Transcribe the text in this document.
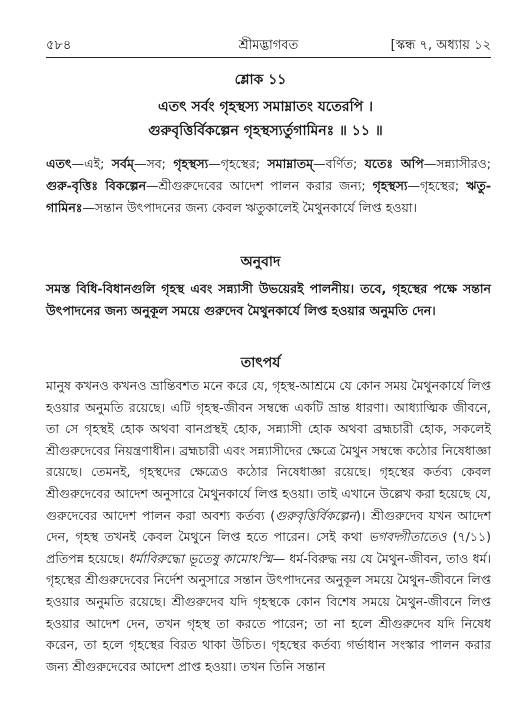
৫৮৪	শ্রীমদ্ভাগবত	[স্কন্ধ ৭, অধ্যায় ১২
শ্লোক ১১
এতৎ সর্বং গৃহস্থস্য সমাম্নাতং যতেরপি ।
গুরুবৃত্তির্বিকল্পেন গৃহস্থস্যর্তুগামিনঃ ॥ ১১ ॥
এতৎ—এই; সর্বম্—সব; গৃহস্থস্য—গৃহস্থের; সমাম্নাতম্—বর্ণিত; যতেঃ অপি—সন্ন্যাসীরও; গুরু-বৃত্তিঃ বিকল্পেন—শ্রীগুরুদেবের আদেশ পালন করার জন্য; গৃহস্থস্য—গৃহস্থের; ঋতু-গামিনঃ—সন্তান উৎপাদনের জন্য কেবল ঋতুকালেই মৈথুনকার্যে লিপ্ত হওয়া।
অনুবাদ
সমস্ত বিধি-বিধানগুলি গৃহস্থ এবং সন্ন্যাসী উভয়েরই পালনীয়। তবে, গৃহস্থের পক্ষে সন্তান উৎপাদনের জন্য অনুকূল সময়ে গুরুদেব মৈথুনকার্যে লিপ্ত হওয়ার অনুমতি দেন।
তাৎপর্য
মানুষ কখনও কখনও ভ্রান্তিবশত মনে করে যে, গৃহস্থ-আশ্রমে যে কোন সময় মৈথুনকার্যে লিপ্ত হওয়ার অনুমতি রয়েছে। এটি গৃহস্থ-জীবন সম্বন্ধে একটি ভ্রান্ত ধারণা। আধ্যাত্মিক জীবনে, তা সে গৃহস্থই হোক অথবা বানপ্রস্থই হোক, সন্ন্যাসী হোক অথবা ব্রহ্মচারী হোক, সকলেই শ্রীগুরুদেবের নিয়ন্ত্রণাধীন। ব্রহ্মচারী এবং সন্ন্যাসীদের ক্ষেত্রে মৈথুন সম্বন্ধে কঠোর নিষেধাজ্ঞা রয়েছে। তেমনই, গৃহস্থদের ক্ষেত্রেও কঠোর নিষেধাজ্ঞা রয়েছে। গৃহস্থের কর্তব্য কেবল শ্রীগুরুদেবের আদেশ অনুসারে মৈথুনকার্যে লিপ্ত হওয়া। তাই এখানে উল্লেখ করা হয়েছে যে, গুরুদেবের আদেশ পালন করা অবশ্য কর্তব্য (গুরুবৃত্তির্বিকল্পেন)। শ্রীগুরুদেব যখন আদেশ দেন, গৃহস্থ তখনই কেবল মৈথুনে লিপ্ত হতে পারেন। সেই কথা ভগবদ্গীতাতেও (৭/১১) প্রতিপন্ন হয়েছে। ধর্মাবিরুদ্ধো ভূতেষু কামোঽস্মি— ধর্ম-বিরুদ্ধ নয় যে মৈথুন-জীবন, তাও ধর্ম। গৃহস্থের শ্রীগুরুদেবের নির্দেশ অনুসারে সন্তান উৎপাদনের অনুকূল সময়ে মৈথুন-জীবনে লিপ্ত হওয়ার অনুমতি রয়েছে। শ্রীগুরুদেব যদি গৃহস্থকে কোন বিশেষ সময়ে মৈথুন-জীবনে লিপ্ত হওয়ার আদেশ দেন, তখন গৃহস্থ তা করতে পারেন; তা না হলে শ্রীগুরুদেব যদি নিষেধ করেন, তা হলে গৃহস্থের বিরত থাকা উচিত। গৃহস্থের কর্তব্য গর্ভাধান সংস্কার পালন করার জন্য শ্রীগুরুদেবের আদেশ প্রাপ্ত হওয়া। তখন তিনি সন্তান
